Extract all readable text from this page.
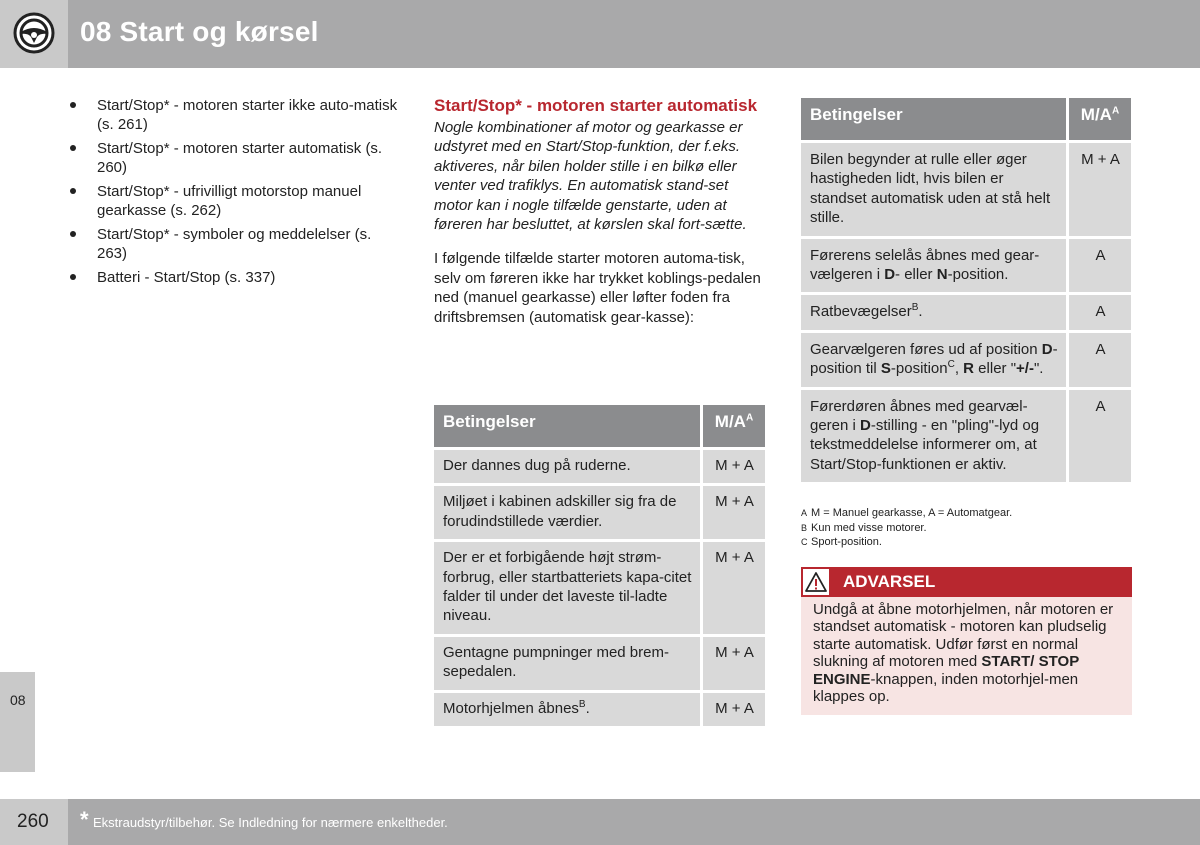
08 Start og kørsel
08
Start/Stop* - motoren starter ikke auto-matisk (s. 261)
Start/Stop* - motoren starter automatisk (s. 260)
Start/Stop* - ufrivilligt motorstop manuel gearkasse (s. 262)
Start/Stop* - symboler og meddelelser (s. 263)
Batteri - Start/Stop (s. 337)
Start/Stop* - motoren starter automatisk
Nogle kombinationer af motor og gearkasse er udstyret med en Start/Stop-funktion, der f.eks. aktiveres, når bilen holder stille i en bilkø eller venter ved trafiklys. En automatisk stand-set motor kan i nogle tilfælde genstarte, uden at føreren har besluttet, at kørslen skal fort-sætte.
I følgende tilfælde starter motoren automa-tisk, selv om føreren ikke har trykket koblings-pedalen ned (manuel gearkasse) eller løfter foden fra driftsbremsen (automatisk gear-kasse):
Betingelser	$M/A^A$
Der dannes dug på ruderne.	M + A
Miljøet i kabinen adskiller sig fra de forudindstillede værdier.	M + A
Der er et forbigående højt strøm-forbrug, eller startbatteriets kapa-citet falder til under det laveste til-ladte niveau.	M + A
Gentagne pumpninger med brem-sepedalen.	M + A
Motorhjelmen åbnes$^B$.	M + A
Betingelser	$M/A^A$
Bilen begynder at rulle eller øger hastigheden lidt, hvis bilen er standset automatisk uden at stå helt stille.	M + A
Førerens selelås åbnes med gear-vælgeren i D- eller N-position.	A
Ratbevægelser$^B$.	A
Gearvælgeren føres ud af position D-position til S-position$^C$, R eller "+/-".	A
Førerdøren åbnes med gearvæl-geren i D-stilling - en "pling"-lyd og tekstmeddelelse informerer om, at Start/Stop-funktionen er aktiv.	A
A M = Manuel gearkasse, A = Automatgear.
B Kun med visse motorer.
C Sport-position.
ADVARSEL
Undgå at åbne motorhjelmen, når motoren er standset automatisk - motoren kan pludselig starte automatisk. Udfør først en normal slukning af motoren med START/ STOP ENGINE-knappen, inden motorhjel-men klappes op.
260 * Ekstraudstyr/tilbehør. Se Indledning for nærmere enkeltheder.
